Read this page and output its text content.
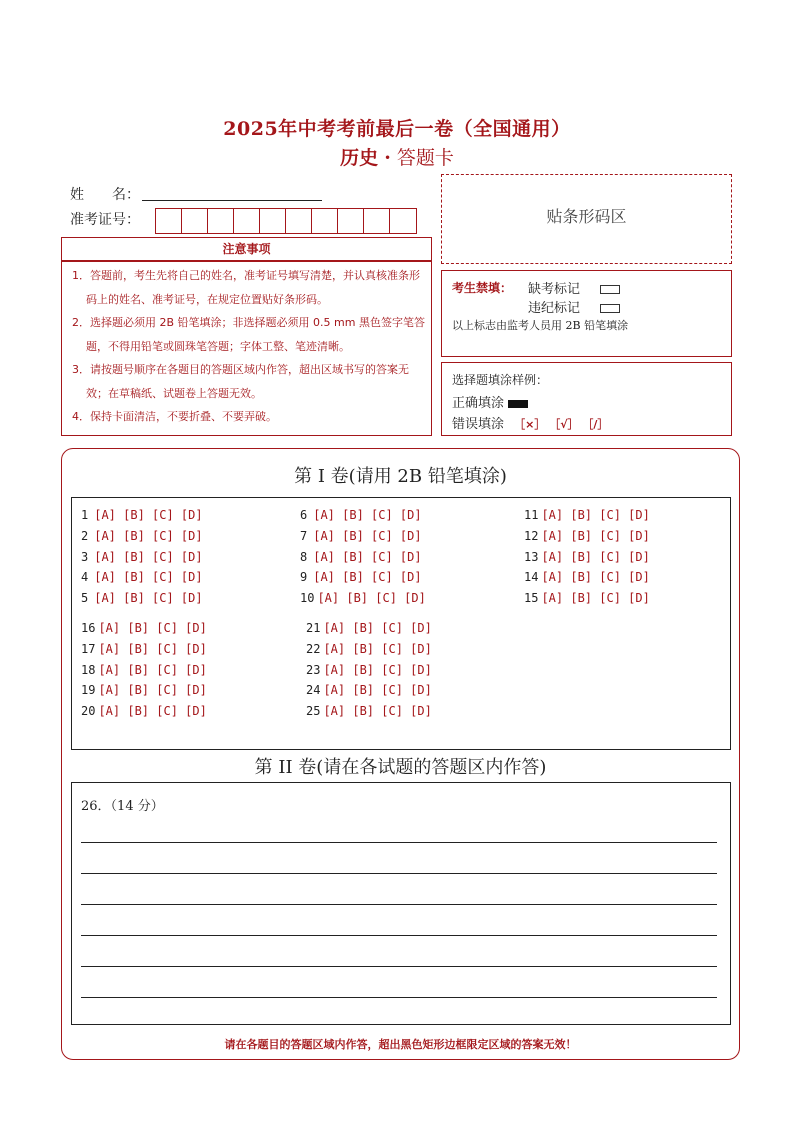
2025年中考考前最后一卷（全国通用）
历史 · 答题卡
姓　　名：
准考证号：
注意事项

1．答题前，考生先将自己的姓名，准考证号填写清楚，并认真核准条形码上的姓名、准考证号，在规定位置贴好条形码。

2．选择题必须用 2B 铅笔填涂；非选择题必须用 0.5 mm 黑色签字笔答题，不得用铅笔或圆珠笔答题；字体工整、笔迹清晰。

3．请按题号顺序在各题目的答题区域内作答，超出区域书写的答案无效；在草稿纸、试题卷上答题无效。

4．保持卡面清洁，不要折叠、不要弄破。

贴条形码区
考生禁填： 缺考标记
违纪标记
以上标志由监考人员用 2B 铅笔填涂
选择题填涂样例：
正确填涂
错误填涂 ［×］ ［√］ ［/］
第 I 卷(请用 2B 铅笔填涂)
1 [A] [B] [C] [D]
2 [A] [B] [C] [D]
3 [A] [B] [C] [D]
4 [A] [B] [C] [D]
5 [A] [B] [C] [D]
6 [A] [B] [C] [D]
7 [A] [B] [C] [D]
8 [A] [B] [C] [D]
9 [A] [B] [C] [D]
10 [A] [B] [C] [D]
11 [A] [B] [C] [D]
12 [A] [B] [C] [D]
13 [A] [B] [C] [D]
14 [A] [B] [C] [D]
15 [A] [B] [C] [D]
16 [A] [B] [C] [D]
17 [A] [B] [C] [D]
18 [A] [B] [C] [D]
19 [A] [B] [C] [D]
20 [A] [B] [C] [D]
21 [A] [B] [C] [D]
22 [A] [B] [C] [D]
23 [A] [B] [C] [D]
24 [A] [B] [C] [D]
25 [A] [B] [C] [D]
第 II 卷(请在各试题的答题区内作答)
26．（14 分）
请在各题目的答题区域内作答，超出黑色矩形边框限定区域的答案无效！
